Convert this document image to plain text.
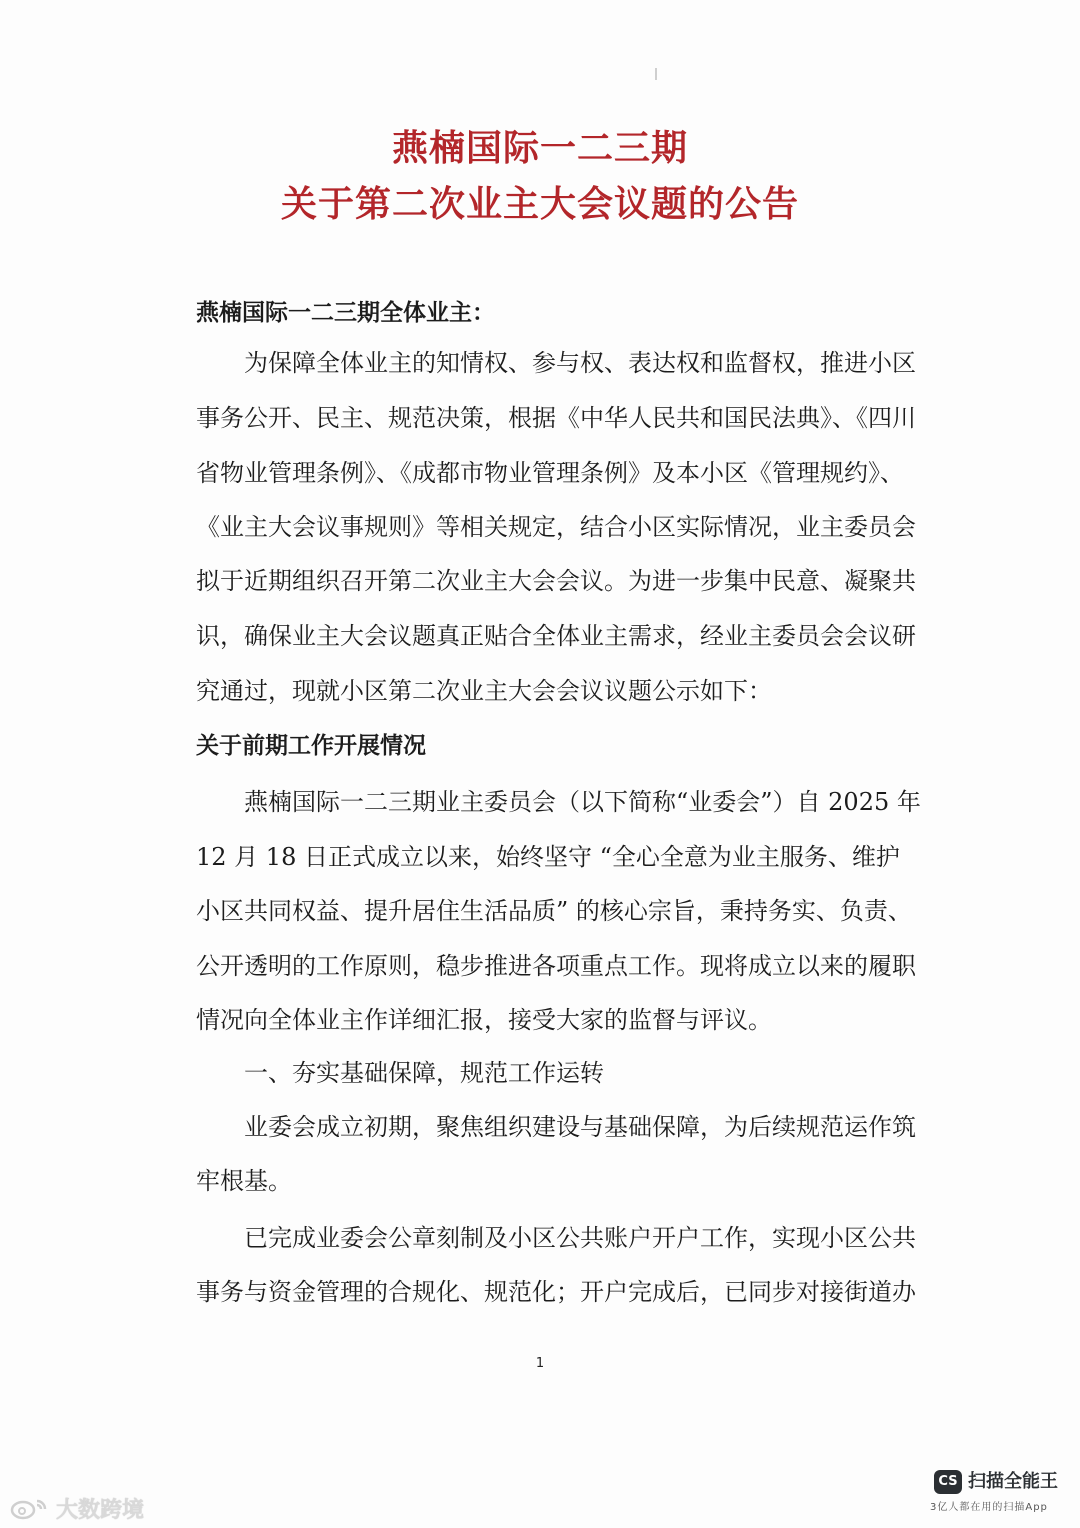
燕楠国际一二三期
关于第二次业主大会议题的公告
燕楠国际一二三期全体业主：
为保障全体业主的知情权、参与权、表达权和监督权，推进小区
事务公开、民主、规范决策，根据《中华人民共和国民法典》、《四川
省物业管理条例》、《成都市物业管理条例》及本小区《管理规约》、
《业主大会议事规则》等相关规定，结合小区实际情况，业主委员会
拟于近期组织召开第二次业主大会会议。为进一步集中民意、凝聚共
识，确保业主大会议题真正贴合全体业主需求，经业主委员会会议研
究通过，现就小区第二次业主大会会议议题公示如下：
关于前期工作开展情况
燕楠国际一二三期业主委员会（以下简称“业委会”）自 2025 年
12 月 18 日正式成立以来，始终坚守 “全心全意为业主服务、维护
小区共同权益、提升居住生活品质” 的核心宗旨，秉持务实、负责、
公开透明的工作原则，稳步推进各项重点工作。现将成立以来的履职
情况向全体业主作详细汇报，接受大家的监督与评议。
一、夯实基础保障，规范工作运转
业委会成立初期，聚焦组织建设与基础保障，为后续规范运作筑
牢根基。
已完成业委会公章刻制及小区公共账户开户工作，实现小区公共
事务与资金管理的合规化、规范化；开户完成后，已同步对接街道办
1
CS 扫描全能王
3亿人都在用的扫描App
大数跨境
